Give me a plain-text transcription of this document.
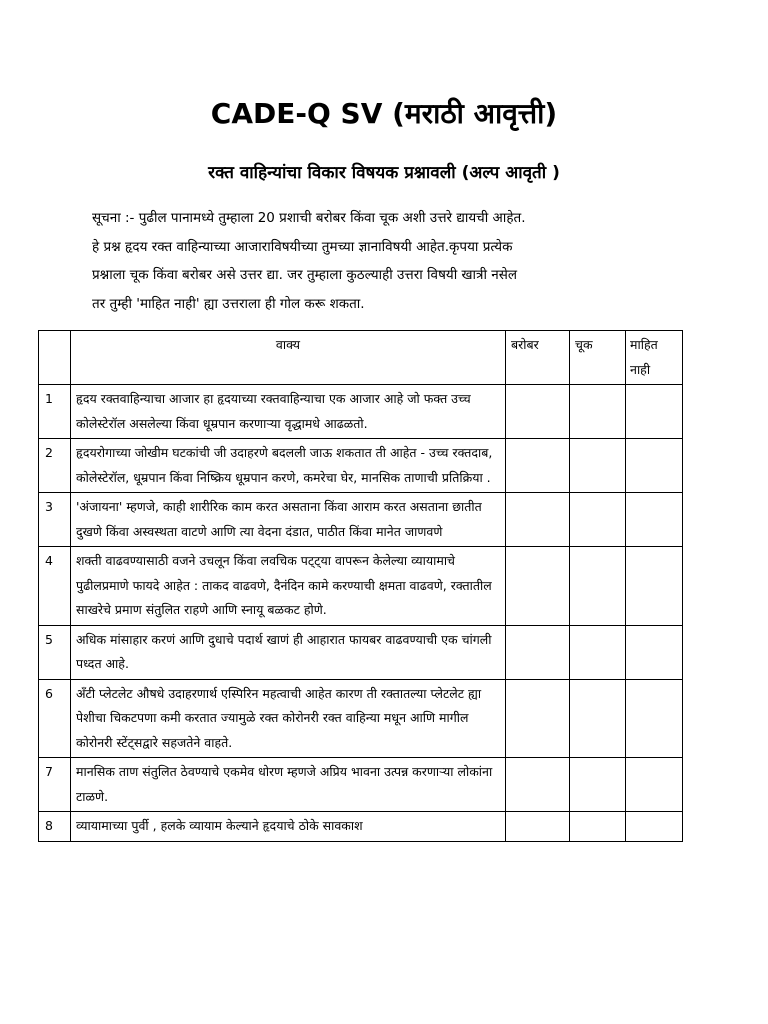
CADE-Q SV (मराठी आवृत्ती)
रक्त वाहिन्यांचा विकार विषयक प्रश्नावली (अल्प आवृती )

सूचना :- पुढील पानामध्ये तुम्हाला 20 प्रशाची बरोबर किंवा चूक अशी उत्तरे द्यायची आहेत.

हे प्रश्न हृदय रक्त वाहिन्याच्या आजाराविषयीच्या तुमच्या ज्ञानाविषयी आहेत.कृपया प्रत्येक

प्रश्नाला चूक किंवा बरोबर असे उत्तर द्या. जर तुम्हाला कुठल्याही उत्तरा विषयी खात्री नसेल

तर तुम्ही 'माहित नाही' ह्या उत्तराला ही गोल करू शकता.

	वाक्य	बरोबर	चूक	माहित नाही
1	हृदय रक्तवाहिन्याचा आजार हा हृदयाच्या रक्तवाहिन्याचा एक आजार आहे जो फक्त उच्च कोलेस्टेरॉल असलेल्या किंवा धूम्रपान करणाऱ्या वृद्धामधे आढळतो.			

2	हृदयरोगाच्या जोखीम घटकांची जी उदाहरणे बदलली जाऊ शकतात ती आहेत - उच्च रक्तदाब, कोलेस्टेरॉल, धूम्रपान किंवा निष्क्रिय धूम्रपान करणे, कमरेचा घेर, मानसिक ताणाची प्रतिक्रिया .			

3	'अंजायना' म्हणजे, काही शारीरिक काम करत असताना किंवा आराम करत असताना छातीत दुखणे किंवा अस्वस्थता वाटणे आणि त्या वेदना दंडात, पाठीत किंवा मानेत जाणवणे			

4	शक्ती वाढवण्यासाठी वजने उचलून किंवा लवचिक पट्ट्या वापरून केलेल्या व्यायामाचे पुढीलप्रमाणे फायदे आहेत : ताकद वाढवणे, दैनंदिन कामे करण्याची क्षमता वाढवणे, रक्तातील साखरेचे प्रमाण संतुलित राहणे आणि स्नायू बळकट होणे.			

5	अधिक मांसाहार करणं आणि दुधाचे पदार्थ खाणं ही आहारात फायबर वाढवण्याची एक चांगली पध्दत आहे.			

6	अँटी प्लेटलेट औषधे उदाहरणार्थ एस्पिरिन महत्वाची आहेत कारण ती रक्तातल्या प्लेटलेट ह्या पेशीचा चिकटपणा कमी करतात ज्यामुळे रक्त कोरोनरी रक्त वाहिन्या मधून आणि मागील कोरोनरी स्टेंट्सद्वारे सहजतेने वाहते.			

7	मानसिक ताण संतुलित ठेवण्याचे एकमेव धोरण म्हणजे अप्रिय भावना उत्पन्न करणाऱ्या लोकांना टाळणे.			

8	व्यायामाच्या पुर्वी , हलके व्यायाम केल्याने हृदयाचे ठोके सावकाश			
